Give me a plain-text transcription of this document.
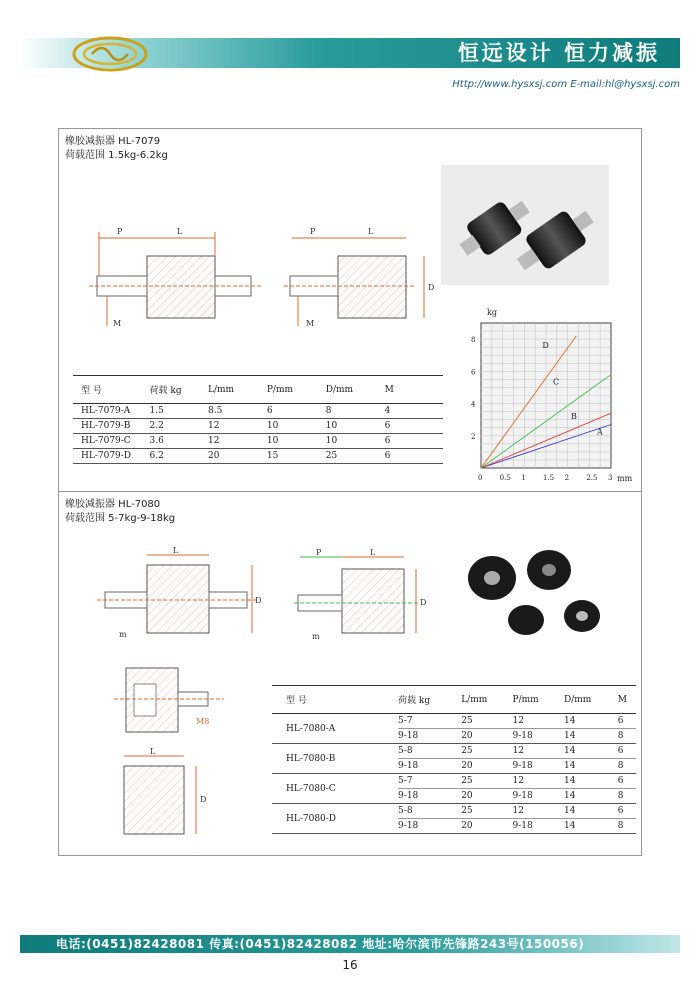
恒远设计 恒力减振
Http://www.hysxsj.com E-mail:hl@hysxsj.com
橡胶减振器 HL-7079
荷载范围 1.5kg-6.2kg
P	L
M
P	L
D
M
A
B
C
D
0 0.5 1 1.5 2 2.5 3
2
4
6
8
kg
mm
型 号	荷载 kg	L/mm	P/mm	D/mm	M
HL-7079-A	1.5	8.5	6	8	4
HL-7079-B	2.2	12	10	10	6
HL-7079-C	3.6	12	10	10	6
HL-7079-D	6.2	20	15	25	6
橡胶减振器 HL-7080
荷载范围 5-7kg-9-18kg
L
D
m
P	L
D
m
M8
L
D
型 号	荷载 kg	L/mm	P/mm	D/mm	M
HL-7080-A	5-7	25	12	14	6
	9-18	20	9-18	14	8
HL-7080-B	5-8	25	12	14	6
	9-18	20	9-18	14	8
HL-7080-C	5-7	25	12	14	6
	9-18	20	9-18	14	8
HL-7080-D	5-8	25	12	14	6
	9-18	20	9-18	14	8
电话:(0451)82428081 传真:(0451)82428082 地址:哈尔滨市先锋路243号(150056)
16
